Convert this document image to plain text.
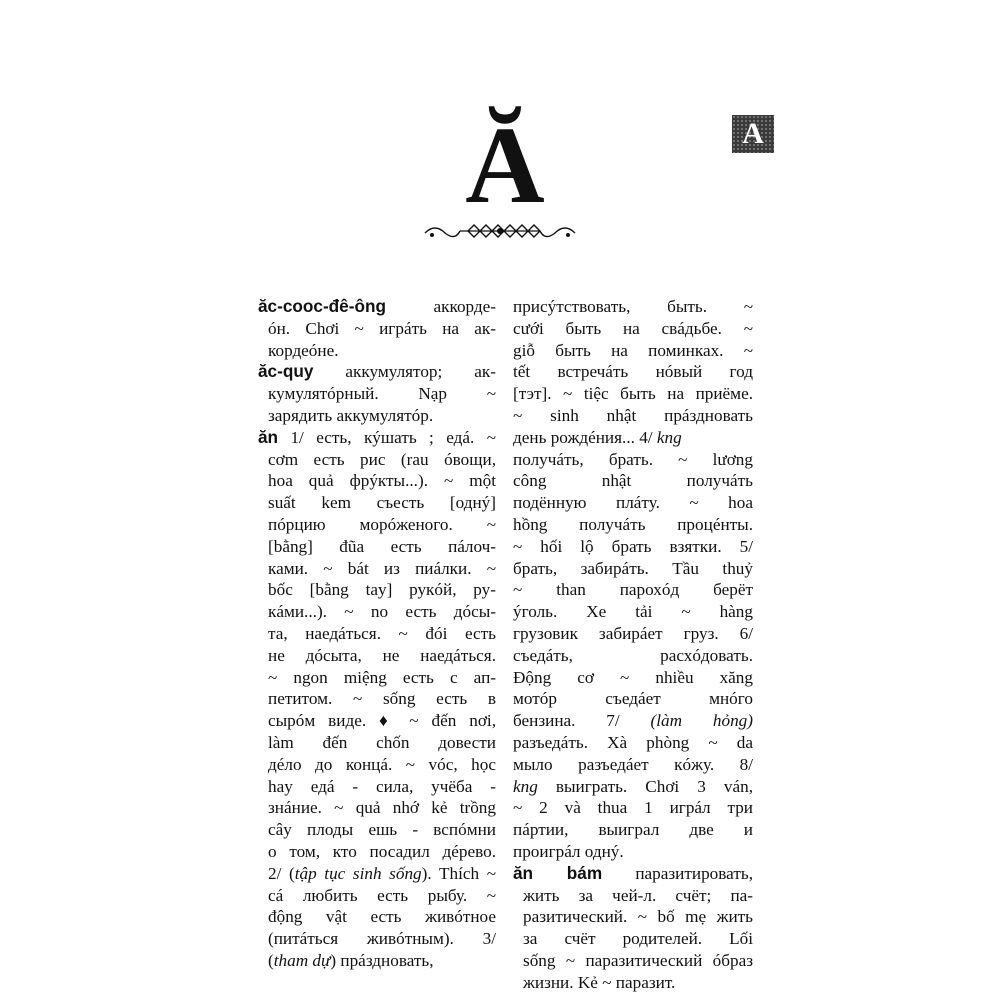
Ă	A
ăc-cooc-đê-ông аккорде-
óн. Chơi ~ игрáть на ак-
кордеóне.
ăc-quy аккумулятор; ак-
кумулятóрный. Nạp ~
зарядить аккумулятóр.
ăn 1/ есть, кýшать ; едá. ~
cơm есть рис (rau óвощи,
hoa quả фрýкты...). ~ một
suất kem съесть [однý]
пóрцию морóженого. ~
[bằng] đũa есть пáлоч-
ками. ~ bát из пиáлки. ~
bốc [bằng tay] рукóй, ру-
кáми...). ~ no есть дóсы-
та, наедáться. ~ đói есть
не дóсыта, не наедáться.
~ ngon miệng есть с ап-
петитом. ~ sống есть в
сырóм виде. ♦ ~ đến nơi,
làm đến chốn довести
дéло до концá. ~ vóc, học
hay едá - сила, учёба -
знáние. ~ quả nhớ kẻ trồng
cây плоды ешь - вспóмни
о том, кто посадил дéрево.
2/ (tập tục sinh sống). Thích ~
cá любить есть рыбу. ~
động vật есть живóтное
(питáться живóтным). 3/
(tham dự) прáздновать,
присýтствовать, быть. ~
cưới быть на свáдьбе. ~
giỗ быть на поминках. ~
tết встречáть нóвый год
[тэт]. ~ tiệc быть на приёме.
~ sinh nhật прáздновать
день рождéния... 4/ kng
получáть, брать. ~ lương
công nhật получáть
подённую плáту. ~ hoa
hồng получáть процéнты.
~ hối lộ брать взятки. 5/
брать, забирáть. Tầu thuỷ
~ than парохóд берёт
ýголь. Xe tải ~ hàng
грузовик забирáет груз. 6/
съедáть, расхóдовать.
Động cơ ~ nhiều xăng
мотóр съедáет мнóго
бензина. 7/ (làm hỏng)
разъедáть. Xà phòng ~ da
мыло разъедáет кóжу. 8/
kng выиграть. Chơi 3 ván,
~ 2 và thua 1 игрáл три
пáртии, выиграл две и
проигрáл однý.
ăn bám паразитировать,
жить за чей-л. счёт; па-
разитический. ~ bố mẹ жить
за счёт родителей. Lối
sống ~ паразитический óбраз
жизни. Kẻ ~ паразит.
